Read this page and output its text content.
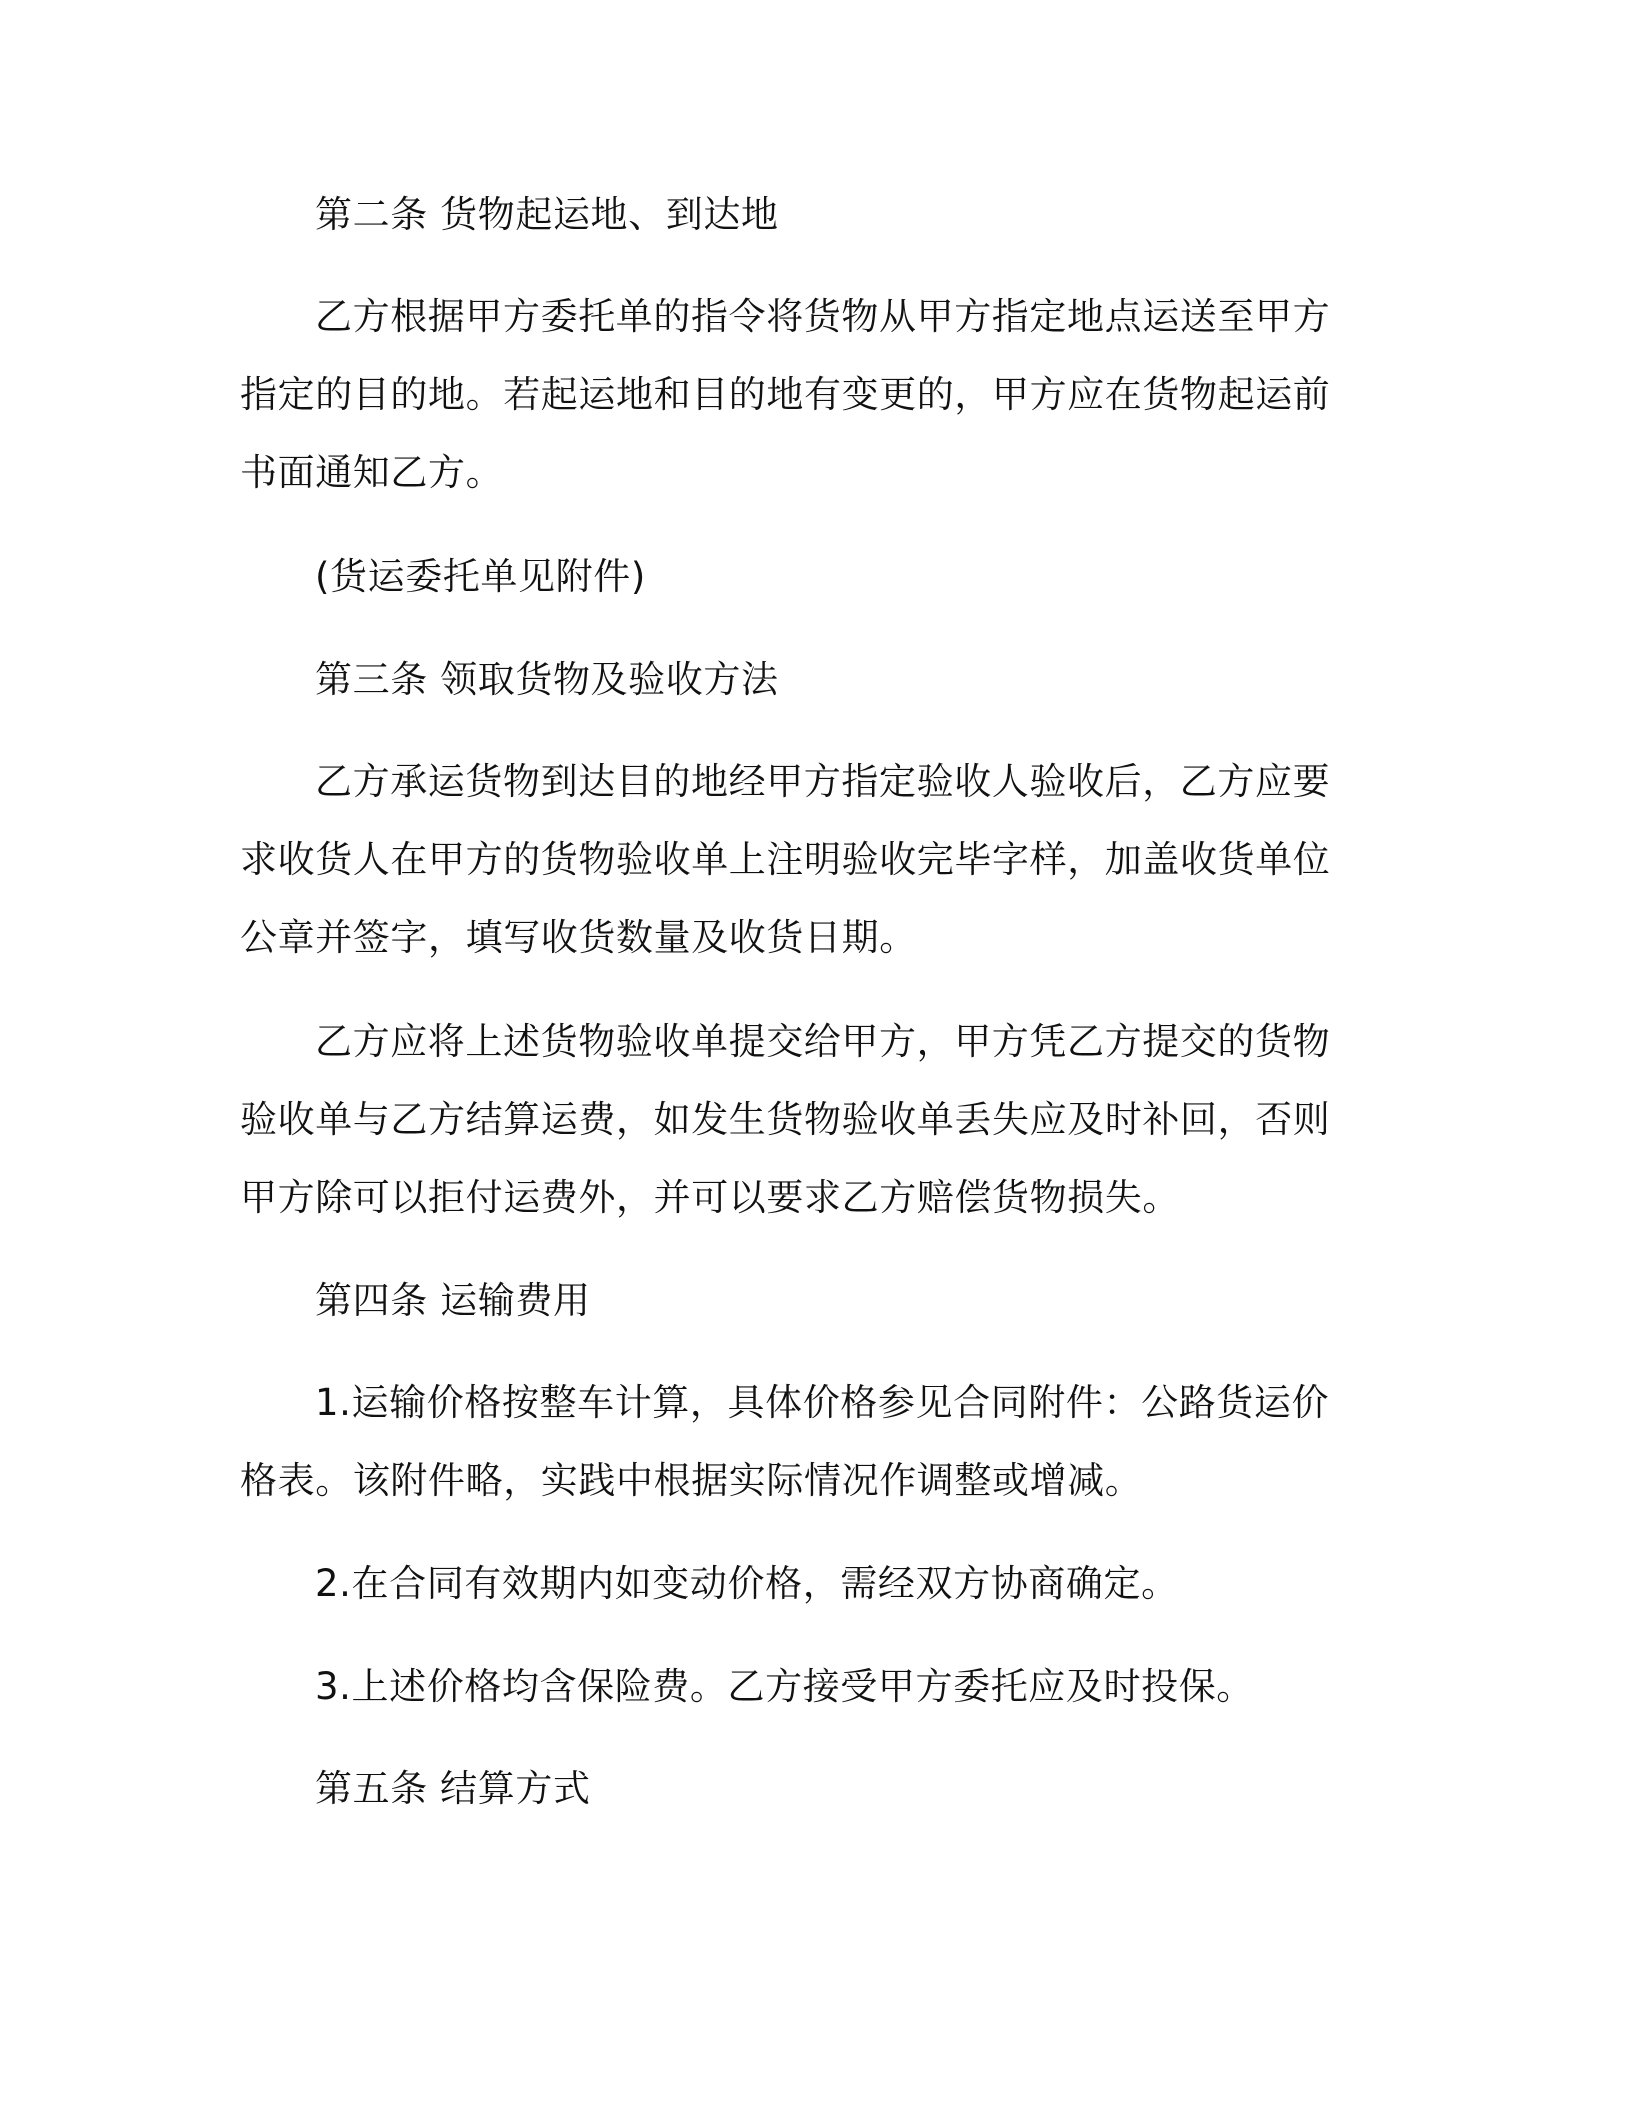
第二条 货物起运地、到达地

乙方根据甲方委托单的指令将货物从甲方指定地点运送至甲方指定的目的地。若起运地和目的地有变更的，甲方应在货物起运前书面通知乙方。

(货运委托单见附件)

第三条 领取货物及验收方法

乙方承运货物到达目的地经甲方指定验收人验收后，乙方应要求收货人在甲方的货物验收单上注明验收完毕字样，加盖收货单位公章并签字，填写收货数量及收货日期。

乙方应将上述货物验收单提交给甲方，甲方凭乙方提交的货物验收单与乙方结算运费，如发生货物验收单丢失应及时补回，否则甲方除可以拒付运费外，并可以要求乙方赔偿货物损失。

第四条 运输费用

1.运输价格按整车计算，具体价格参见合同附件：公路货运价格表。该附件略，实践中根据实际情况作调整或增减。

2.在合同有效期内如变动价格，需经双方协商确定。

3.上述价格均含保险费。乙方接受甲方委托应及时投保。

第五条 结算方式
